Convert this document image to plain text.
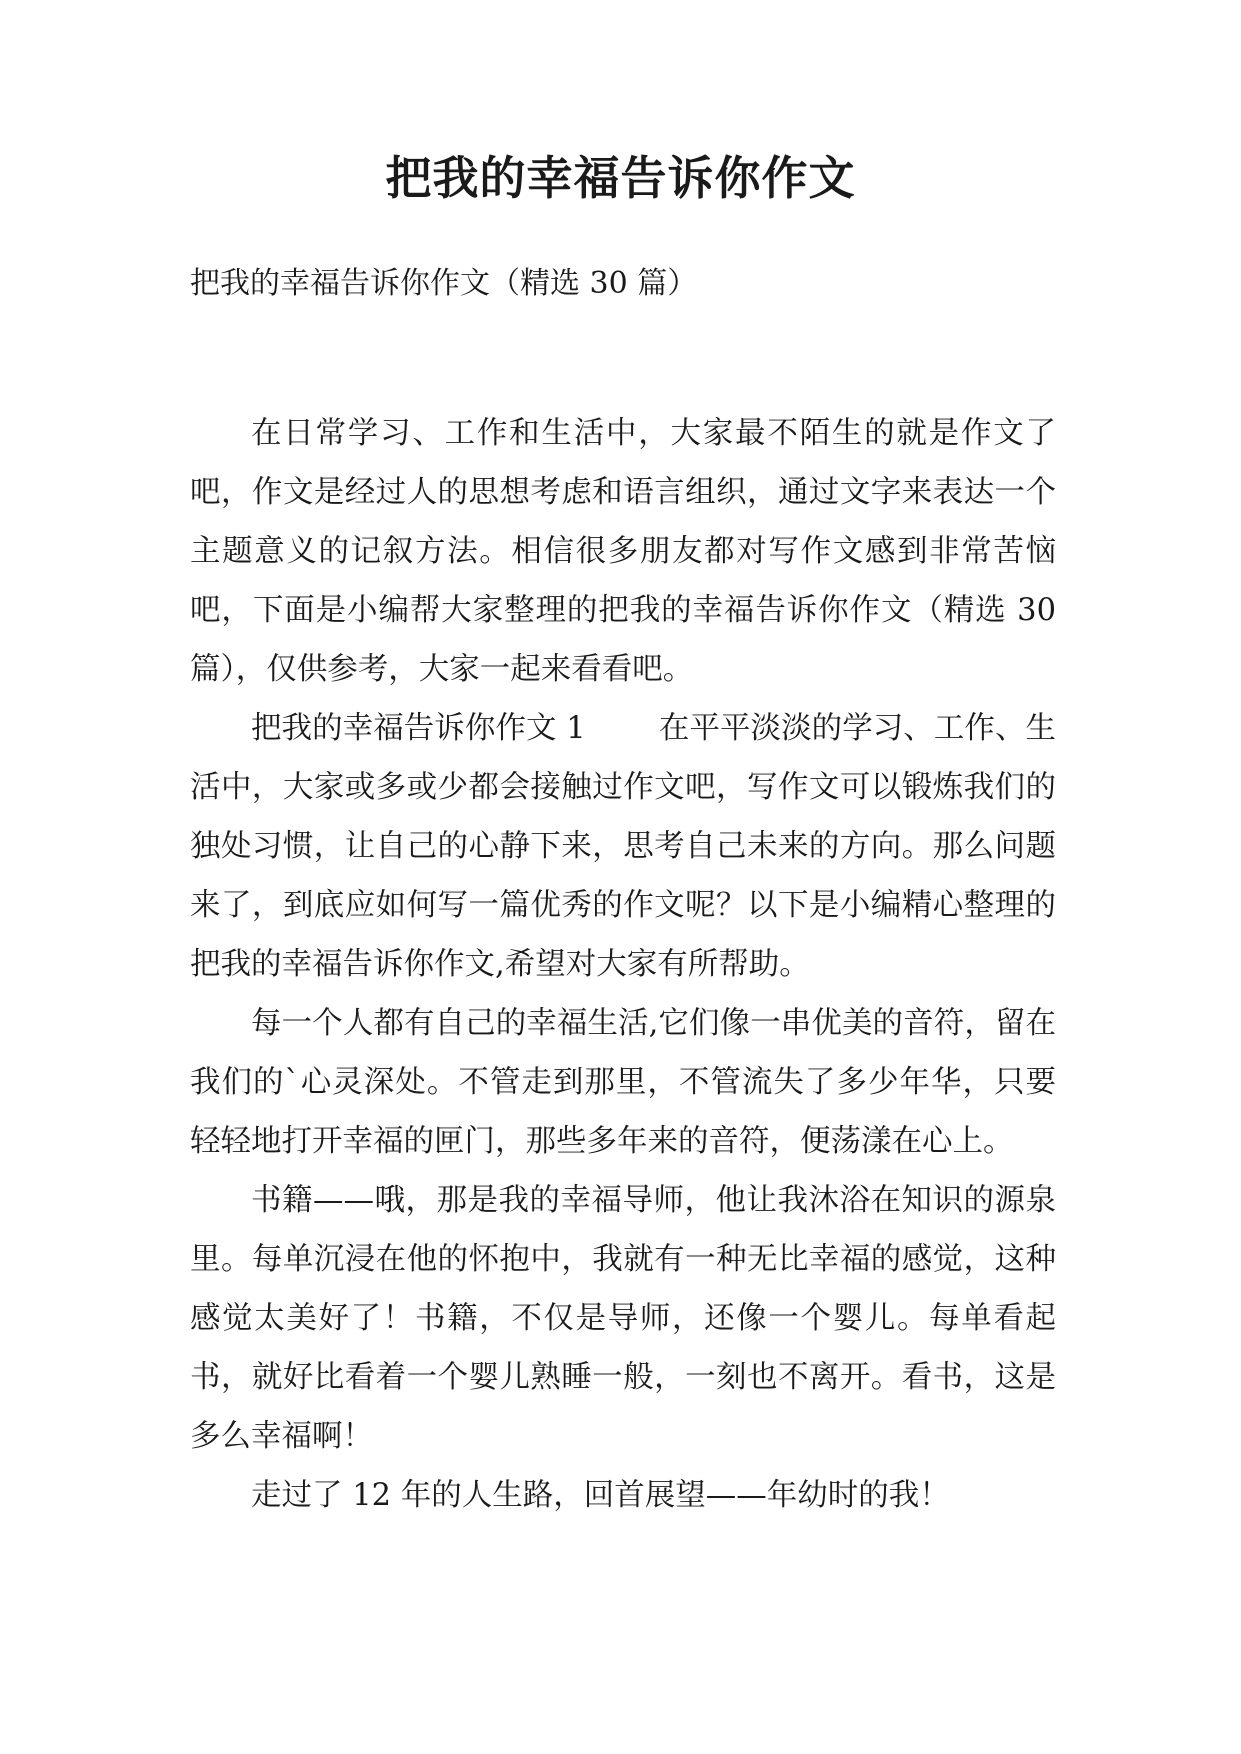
把我的幸福告诉你作文
把我的幸福告诉你作文（精选 30 篇）

在日常学习、工作和生活中，大家最不陌生的就是作文了吧，作文是经过人的思想考虑和语言组织，通过文字来表达一个主题意义的记叙方法。相信很多朋友都对写作文感到非常苦恼吧，下面是小编帮大家整理的把我的幸福告诉你作文（精选 30 篇），仅供参考，大家一起来看看吧。

把我的幸福告诉你作文 1 在平平淡淡的学习、工作、生活中，大家或多或少都会接触过作文吧，写作文可以锻炼我们的独处习惯，让自己的心静下来，思考自己未来的方向。那么问题来了，到底应如何写一篇优秀的作文呢？以下是小编精心整理的把我的幸福告诉你作文,希望对大家有所帮助。

每一个人都有自己的幸福生活,它们像一串优美的音符，留在我们的`心灵深处。不管走到那里，不管流失了多少年华，只要轻轻地打开幸福的匣门，那些多年来的音符，便荡漾在心上。

书籍——哦，那是我的幸福导师，他让我沐浴在知识的源泉里。每单沉浸在他的怀抱中，我就有一种无比幸福的感觉，这种感觉太美好了！书籍，不仅是导师，还像一个婴儿。每单看起书，就好比看着一个婴儿熟睡一般，一刻也不离开。看书，这是多么幸福啊！

走过了 12 年的人生路，回首展望——年幼时的我！
